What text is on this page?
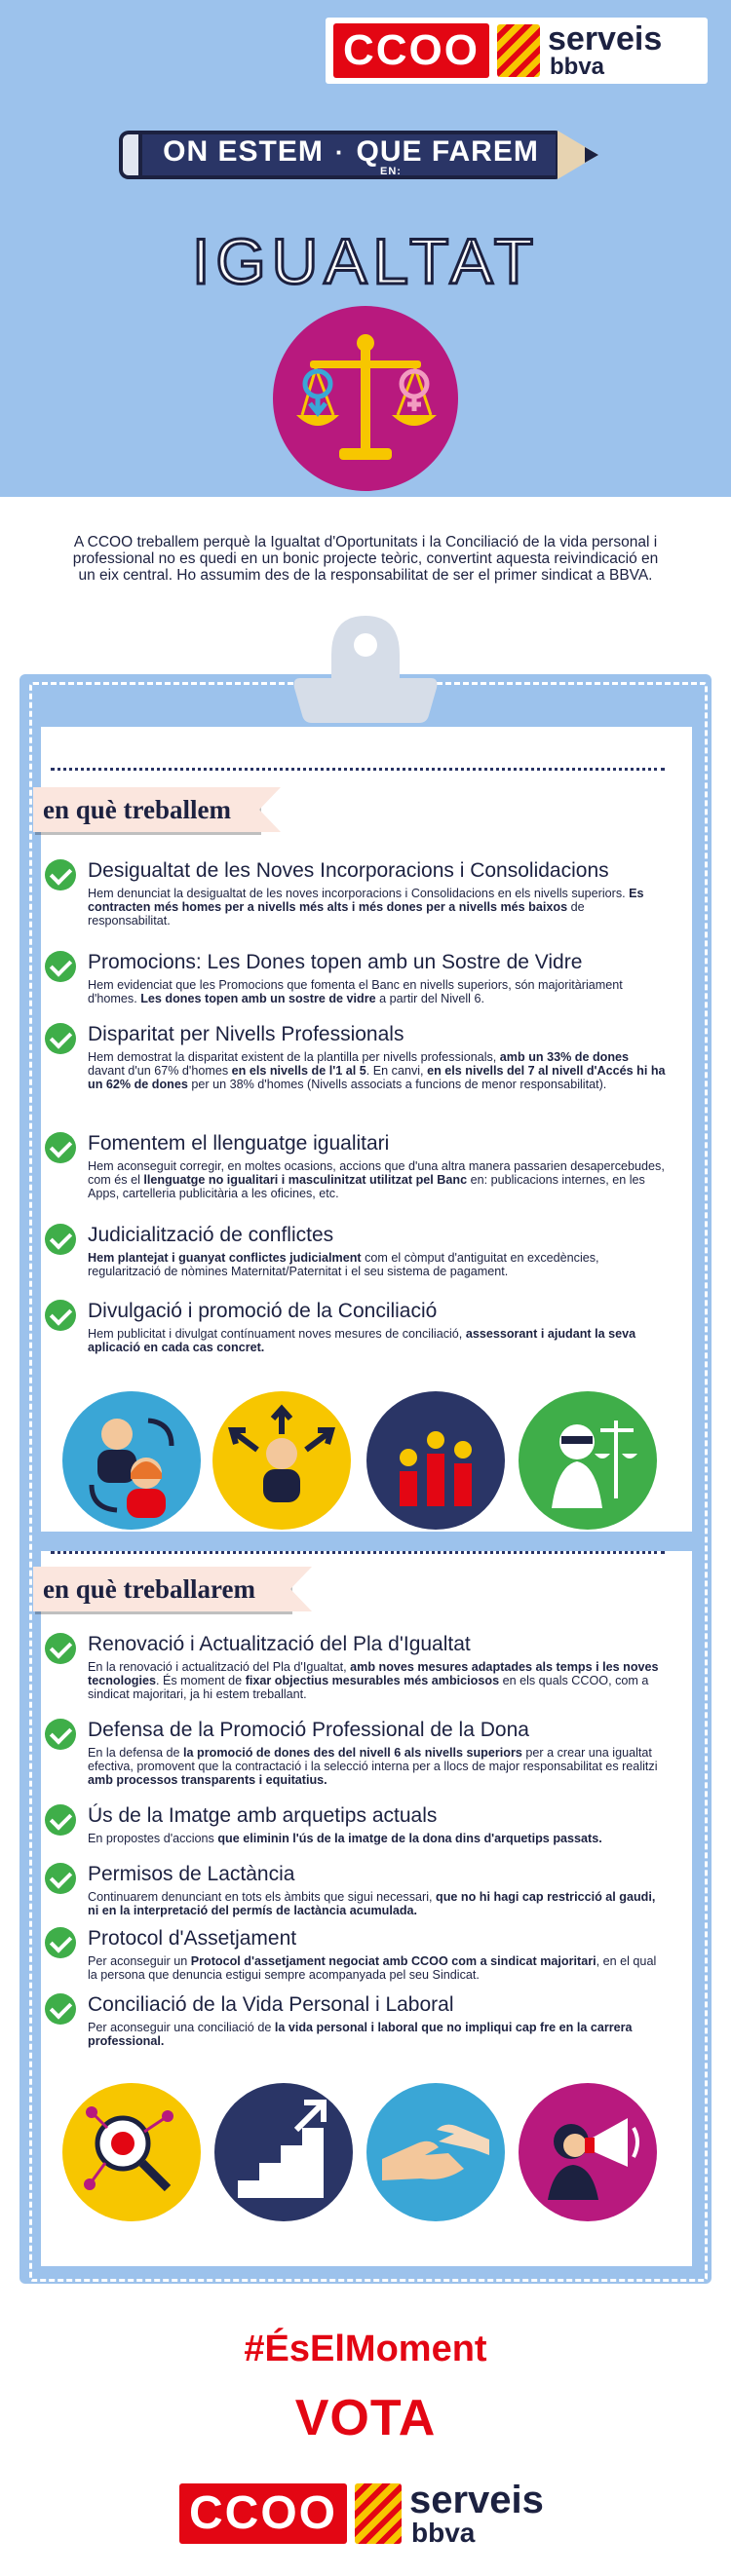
CCOO serveis
bbva
ON ESTEM · QUE FAREM
EN:
IGUALTAT

A CCOO treballem perquè la Igualtat d'Oportunitats i la Conciliació de la vida personal i professional no es quedi en un bonic projecte teòric, convertint aquesta reivindicació en un eix central. Ho assumim des de la responsabilitat de ser el primer sindicat a BBVA.

en què treballem
en què treballarem
Desigualtat de les Noves Incorporacions i Consolidacions

Hem denunciat la desigualtat de les noves incorporacions i Consolidacions en els nivells superiors. Es contracten més homes per a nivells més alts i més dones per a nivells més baixos de responsabilitat.

Promocions: Les Dones topen amb un Sostre de Vidre

Hem evidenciat que les Promocions que fomenta el Banc en nivells superiors, són majoritàriament d'homes. Les dones topen amb un sostre de vidre a partir del Nivell 6.

Disparitat per Nivells Professionals

Hem demostrat la disparitat existent de la plantilla per nivells professionals, amb un 33% de dones davant d'un 67% d'homes en els nivells de l'1 al 5. En canvi, en els nivells del 7 al nivell d'Accés hi ha un 62% de dones per un 38% d'homes (Nivells associats a funcions de menor responsabilitat).

Fomentem el llenguatge igualitari

Hem aconseguit corregir, en moltes ocasions, accions que d'una altra manera passarien desapercebudes, com és el llenguatge no igualitari i masculinitzat utilitzat pel Banc en: publicacions internes, en les Apps, cartelleria publicitària a les oficines, etc.

Judicialització de conflictes

Hem plantejat i guanyat conflictes judicialment com el còmput d'antiguitat en excedències, regularització de nòmines Maternitat/Paternitat i el seu sistema de pagament.

Divulgació i promoció de la Conciliació

Hem publicitat i divulgat contínuament noves mesures de conciliació, assessorant i ajudant la seva aplicació en cada cas concret.

Renovació i Actualització del Pla d'Igualtat

En la renovació i actualització del Pla d'Igualtat, amb noves mesures adaptades als temps i les noves tecnologies. És moment de fixar objectius mesurables més ambiciosos en els quals CCOO, com a sindicat majoritari, ja hi estem treballant.

Defensa de la Promoció Professional de la Dona

En la defensa de la promoció de dones des del nivell 6 als nivells superiors per a crear una igualtat efectiva, promovent que la contractació i la selecció interna per a llocs de major responsabilitat es realitzi amb processos transparents i equitatius.

Ús de la Imatge amb arquetips actuals

En propostes d'accions que eliminin l'ús de la imatge de la dona dins d'arquetips passats.

Permisos de Lactància

Continuarem denunciant en tots els àmbits que sigui necessari, que no hi hagi cap restricció al gaudi, ni en la interpretació del permís de lactància acumulada.

Protocol d'Assetjament

Per aconseguir un Protocol d'assetjament negociat amb CCOO com a sindicat majoritari, en el qual la persona que denuncia estigui sempre acompanyada pel seu Sindicat.

Conciliació de la Vida Personal i Laboral

Per aconseguir una conciliació de la vida personal i laboral que no impliqui cap fre en la carrera professional.

#ÉsElMoment
VOTA
CCOO serveis
bbva
